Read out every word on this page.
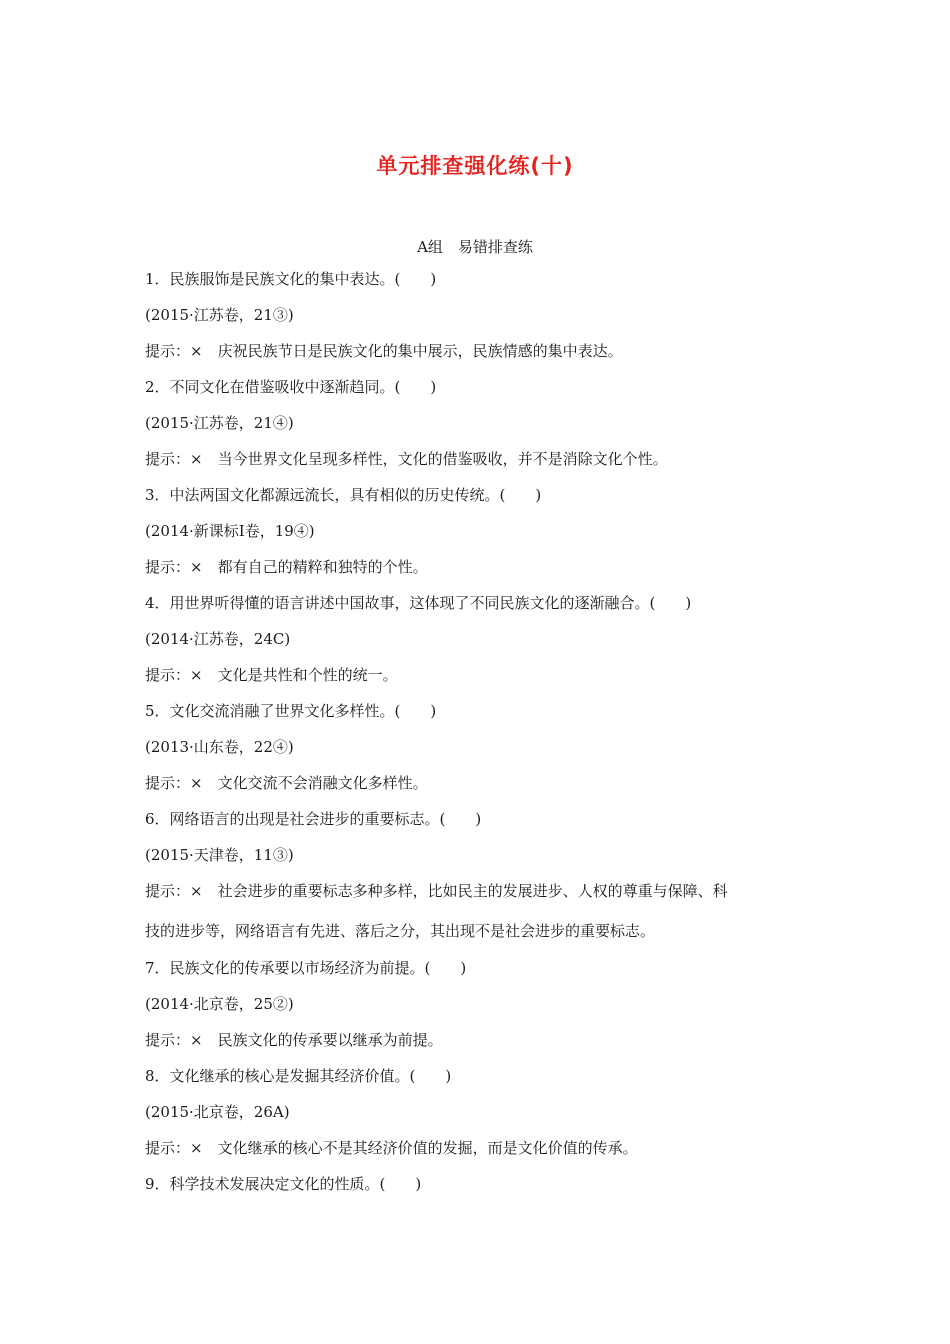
单元排查强化练(十)
A组　易错排查练
1．民族服饰是民族文化的集中表达。(　　)
(2015·江苏卷，21③)
提示：×　庆祝民族节日是民族文化的集中展示，民族情感的集中表达。
2．不同文化在借鉴吸收中逐渐趋同。(　　)
(2015·江苏卷，21④)
提示：×　当今世界文化呈现多样性，文化的借鉴吸收，并不是消除文化个性。
3．中法两国文化都源远流长，具有相似的历史传统。(　　)
(2014·新课标Ⅰ卷，19④)
提示：×　都有自己的精粹和独特的个性。
4．用世界听得懂的语言讲述中国故事，这体现了不同民族文化的逐渐融合。(　　)
(2014·江苏卷，24C)
提示：×　文化是共性和个性的统一。
5．文化交流消融了世界文化多样性。(　　)
(2013·山东卷，22④)
提示：×　文化交流不会消融文化多样性。
6．网络语言的出现是社会进步的重要标志。(　　)
(2015·天津卷，11③)
提示：×　社会进步的重要标志多种多样，比如民主的发展进步、人权的尊重与保障、科
技的进步等，网络语言有先进、落后之分，其出现不是社会进步的重要标志。
7．民族文化的传承要以市场经济为前提。(　　)
(2014·北京卷，25②)
提示：×　民族文化的传承要以继承为前提。
8．文化继承的核心是发掘其经济价值。(　　)
(2015·北京卷，26A)
提示：×　文化继承的核心不是其经济价值的发掘，而是文化价值的传承。
9．科学技术发展决定文化的性质。(　　)
